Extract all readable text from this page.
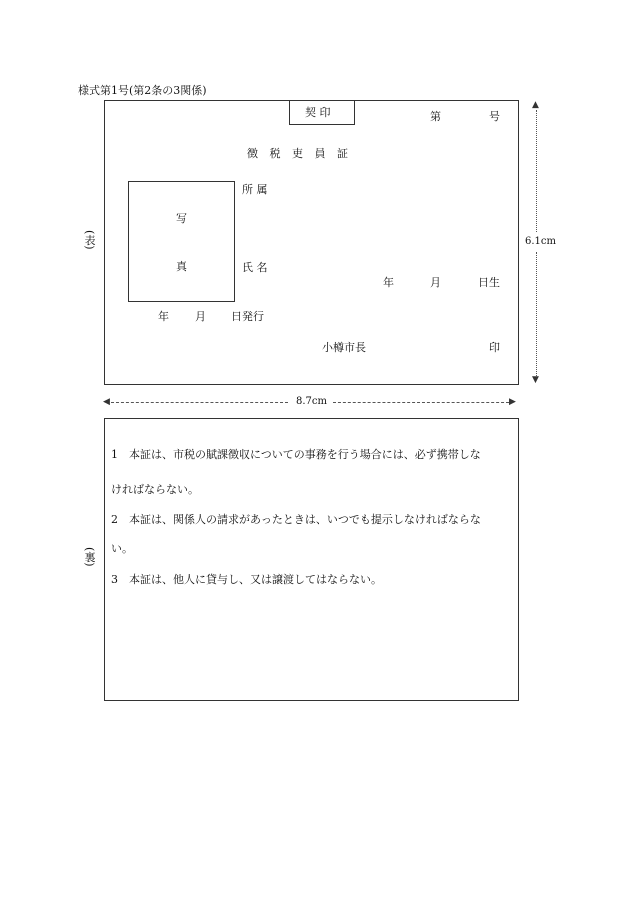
様式第1号(第2条の3関係)
(表)
契 印	第	号
徴 税 吏 員 証
写
真
所 属
氏 名
年	月	日生
年 月 日発行
小樽市長	印
▲
6.1cm
▼
◀	8.7cm	▶
(裏)
1　本証は、市税の賦課徴収についての事務を行う場合には、必ず携帯しな
ければならない。
2　本証は、関係人の請求があったときは、いつでも提示しなければならな
い。
3　本証は、他人に貸与し、又は譲渡してはならない。
